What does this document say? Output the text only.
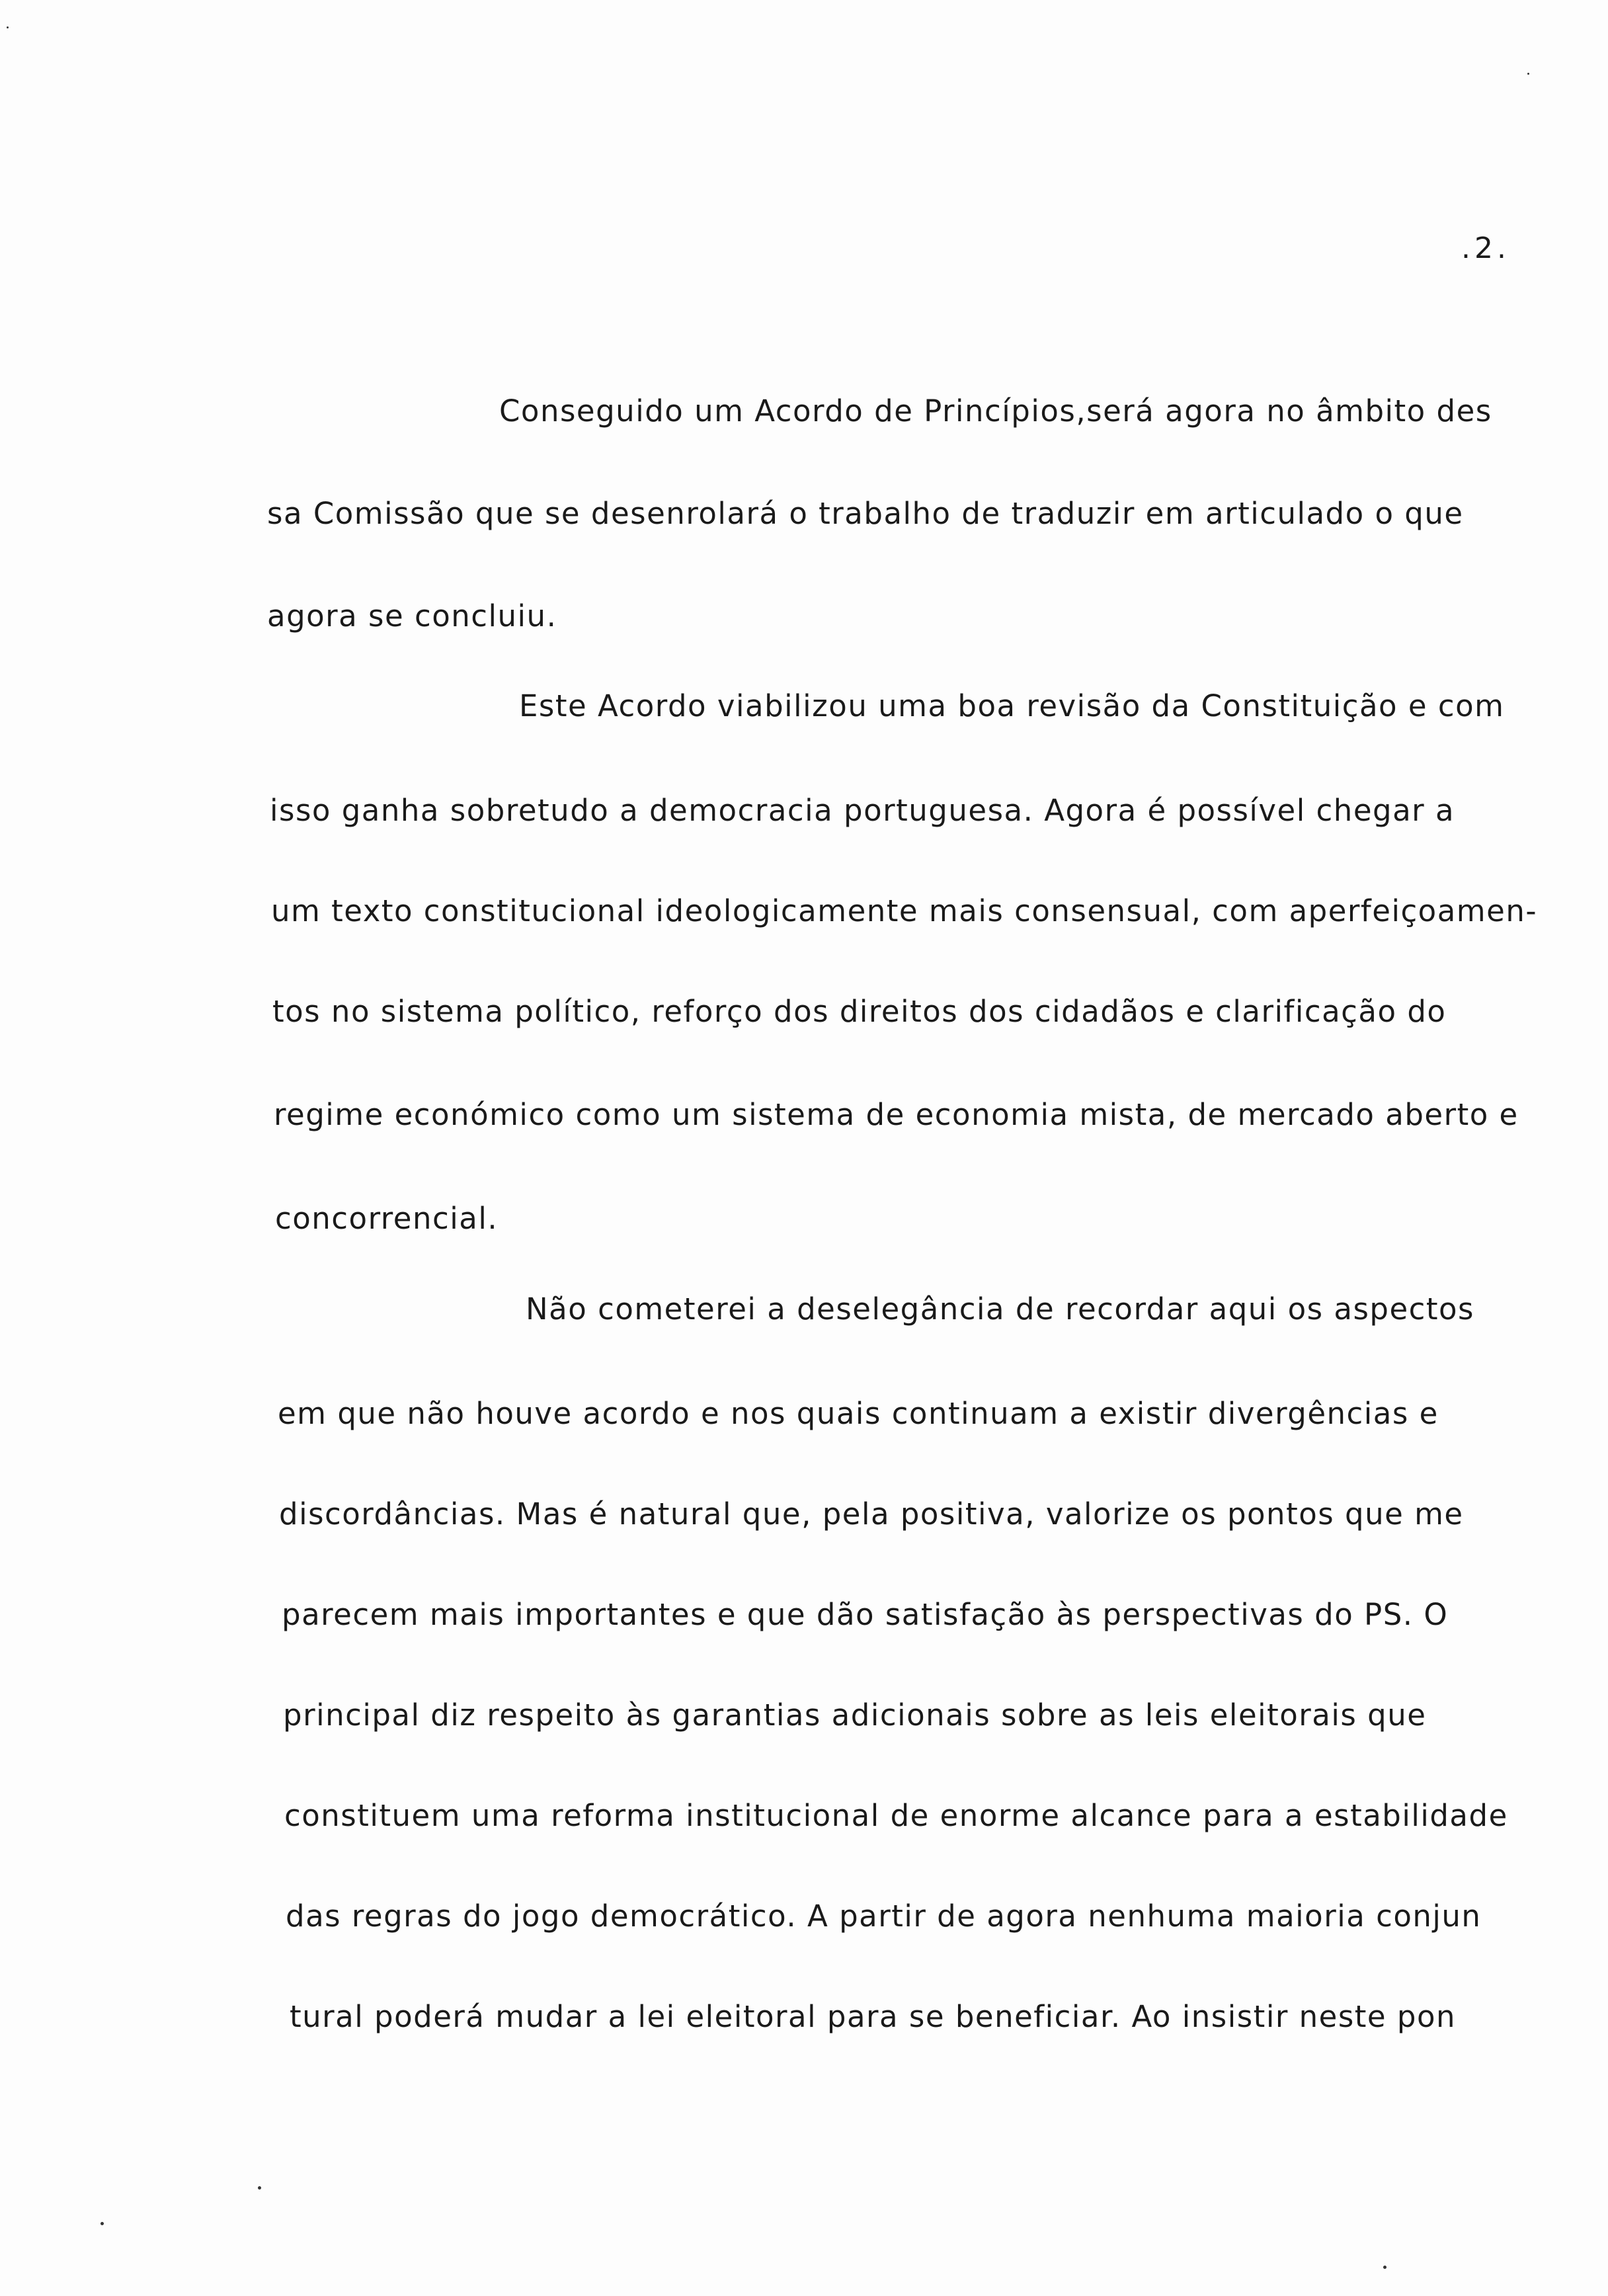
.2.
Conseguido um Acordo de Princípios,será agora no âmbito des
sa Comissão que se desenrolará o trabalho de traduzir em articulado o que
agora se concluiu.
Este Acordo viabilizou uma boa revisão da Constituição e com
isso ganha sobretudo a democracia portuguesa. Agora é possível chegar a
um texto constitucional ideologicamente mais consensual, com aperfeiçoamen-
tos no sistema político, reforço dos direitos dos cidadãos e clarificação do
regime económico como um sistema de economia mista, de mercado aberto e
concorrencial.
Não cometerei a deselegância de recordar aqui os aspectos
em que não houve acordo e nos quais continuam a existir divergências e
discordâncias. Mas é natural que, pela positiva, valorize os pontos que me
parecem mais importantes e que dão satisfação às perspectivas do PS. O
principal diz respeito às garantias adicionais sobre as leis eleitorais que
constituem uma reforma institucional de enorme alcance para a estabilidade
das regras do jogo democrático. A partir de agora nenhuma maioria conjun
tural poderá mudar a lei eleitoral para se beneficiar. Ao insistir neste pon
